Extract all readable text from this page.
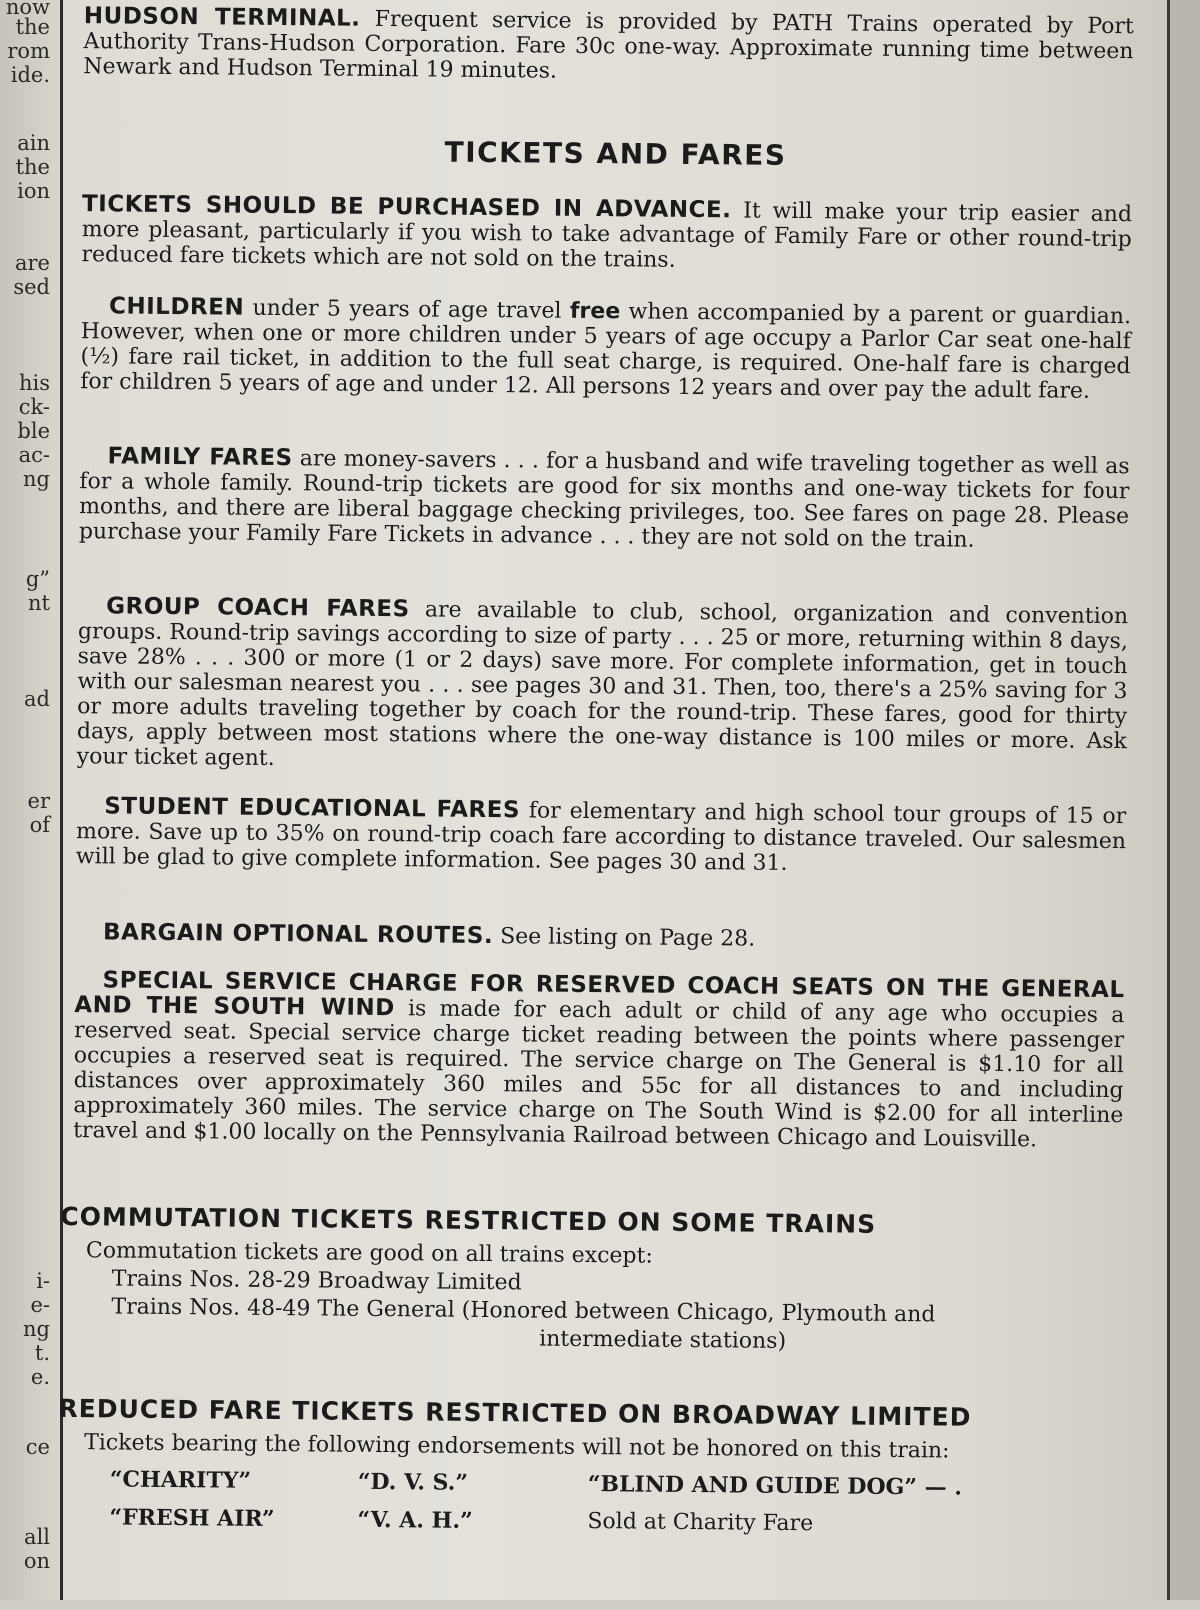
now
the
rom
ide.
ain
the
ion
are
sed
his
ck-
ble
ac-
ng
g”
nt
ad
er
of
i-
e-
ng
t.
e.
ce
all
on
HUDSON TERMINAL. Frequent service is provided by PATH Trains operated by Port Authority Trans-Hudson Corporation. Fare 30c one-way. Approximate running time between Newark and Hudson Terminal 19 minutes.
TICKETS AND FARES
TICKETS SHOULD BE PURCHASED IN ADVANCE. It will make your trip easier and more pleasant, particularly if you wish to take advantage of Family Fare or other round-trip reduced fare tickets which are not sold on the trains.
CHILDREN under 5 years of age travel free when accompanied by a parent or guardian. However, when one or more children under 5 years of age occupy a Parlor Car seat one-half (½) fare rail ticket, in addition to the full seat charge, is required. One-half fare is charged for children 5 years of age and under 12. All persons 12 years and over pay the adult fare.
FAMILY FARES are money-savers . . . for a husband and wife traveling together as well as for a whole family. Round-trip tickets are good for six months and one-way tickets for four months, and there are liberal baggage checking privileges, too. See fares on page 28. Please purchase your Family Fare Tickets in advance . . . they are not sold on the train.
GROUP COACH FARES are available to club, school, organization and convention groups. Round-trip savings according to size of party . . . 25 or more, returning within 8 days, save 28% . . . 300 or more (1 or 2 days) save more. For complete information, get in touch with our salesman nearest you . . . see pages 30 and 31. Then, too, there's a 25% saving for 3 or more adults traveling together by coach for the round-trip. These fares, good for thirty days, apply between most stations where the one-way distance is 100 miles or more. Ask your ticket agent.
STUDENT EDUCATIONAL FARES for elementary and high school tour groups of 15 or more. Save up to 35% on round-trip coach fare according to distance traveled. Our salesmen will be glad to give complete information. See pages 30 and 31.
BARGAIN OPTIONAL ROUTES. See listing on Page 28.
SPECIAL SERVICE CHARGE FOR RESERVED COACH SEATS ON THE GENERAL AND THE SOUTH WIND is made for each adult or child of any age who occupies a reserved seat. Special service charge ticket reading between the points where passenger occupies a reserved seat is required. The service charge on The General is $1.10 for all distances over approximately 360 miles and 55c for all distances to and including approximately 360 miles. The service charge on The South Wind is $2.00 for all interline travel and $1.00 locally on the Pennsylvania Railroad between Chicago and Louisville.
COMMUTATION TICKETS RESTRICTED ON SOME TRAINS
Commutation tickets are good on all trains except:
Trains Nos. 28-29 Broadway Limited
Trains Nos. 48-49 The General (Honored between Chicago, Plymouth and
intermediate stations)
REDUCED FARE TICKETS RESTRICTED ON BROADWAY LIMITED
Tickets bearing the following endorsements will not be honored on this train:
“CHARITY”	“D. V. S.”	“BLIND AND GUIDE DOG” — .
“FRESH AIR”	“V. A. H.”	Sold at Charity Fare
